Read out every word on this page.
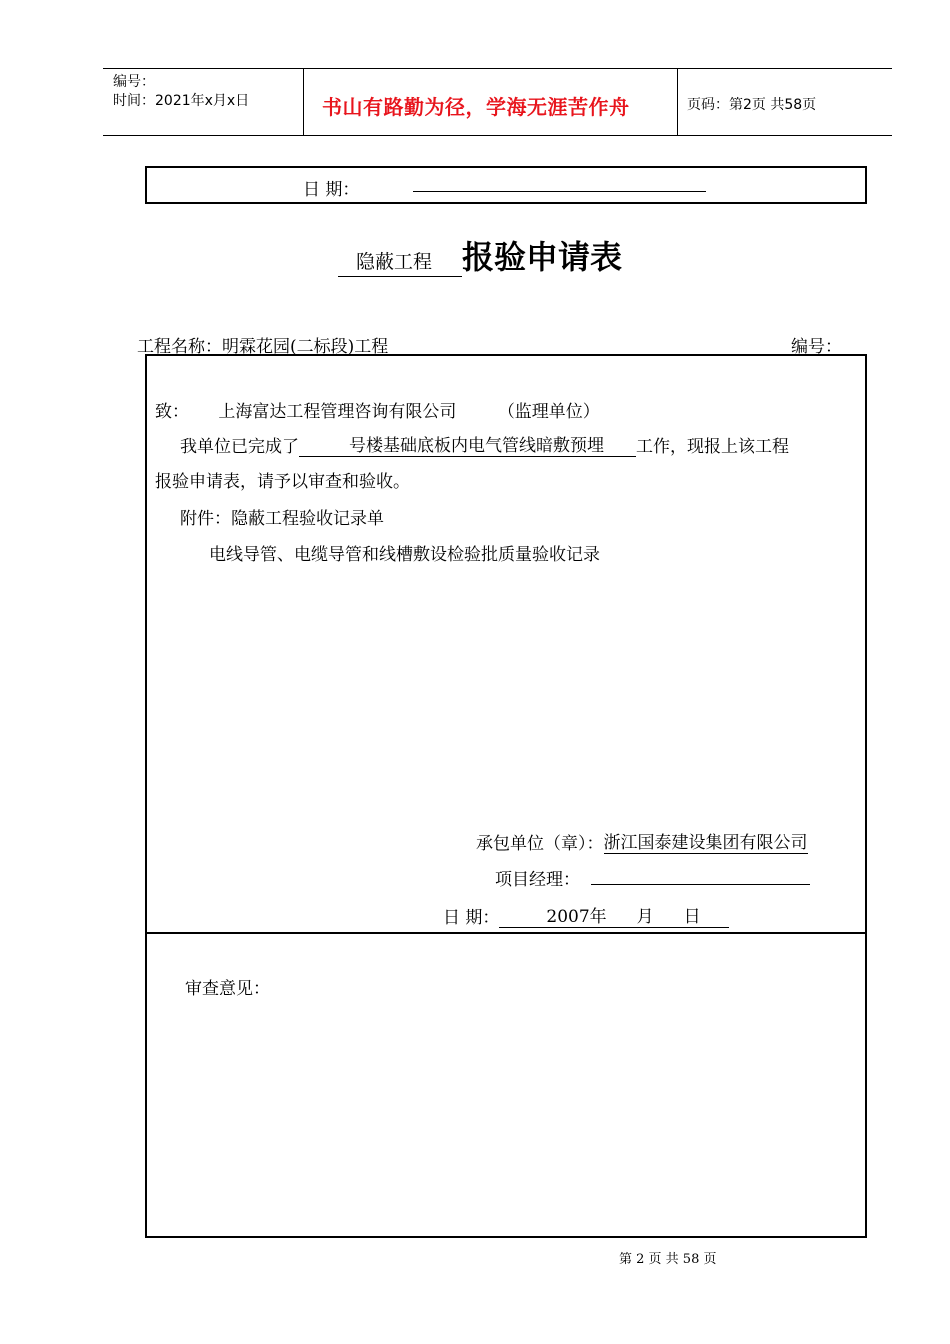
编号：
时间：2021年x月x日	书山有路勤为径，学海无涯苦作舟	页码：第2页 共58页
日 期：
隐蔽工程 报验申请表
工程名称：明霖花园(二标段)工程	编号：
致： 上海富达工程管理咨询有限公司 （监理单位）
我单位已完成了	号楼基础底板内电气管线暗敷预埋 工作，现报上该工程
报验申请表，请予以审查和验收。
附件：隐蔽工程验收记录单
电线导管、电缆导管和线槽敷设检验批质量验收记录
承包单位（章）：浙江国泰建设集团有限公司
项目经理：
日 期：	2007年 月 日
审查意见：
第 2 页 共 58 页
